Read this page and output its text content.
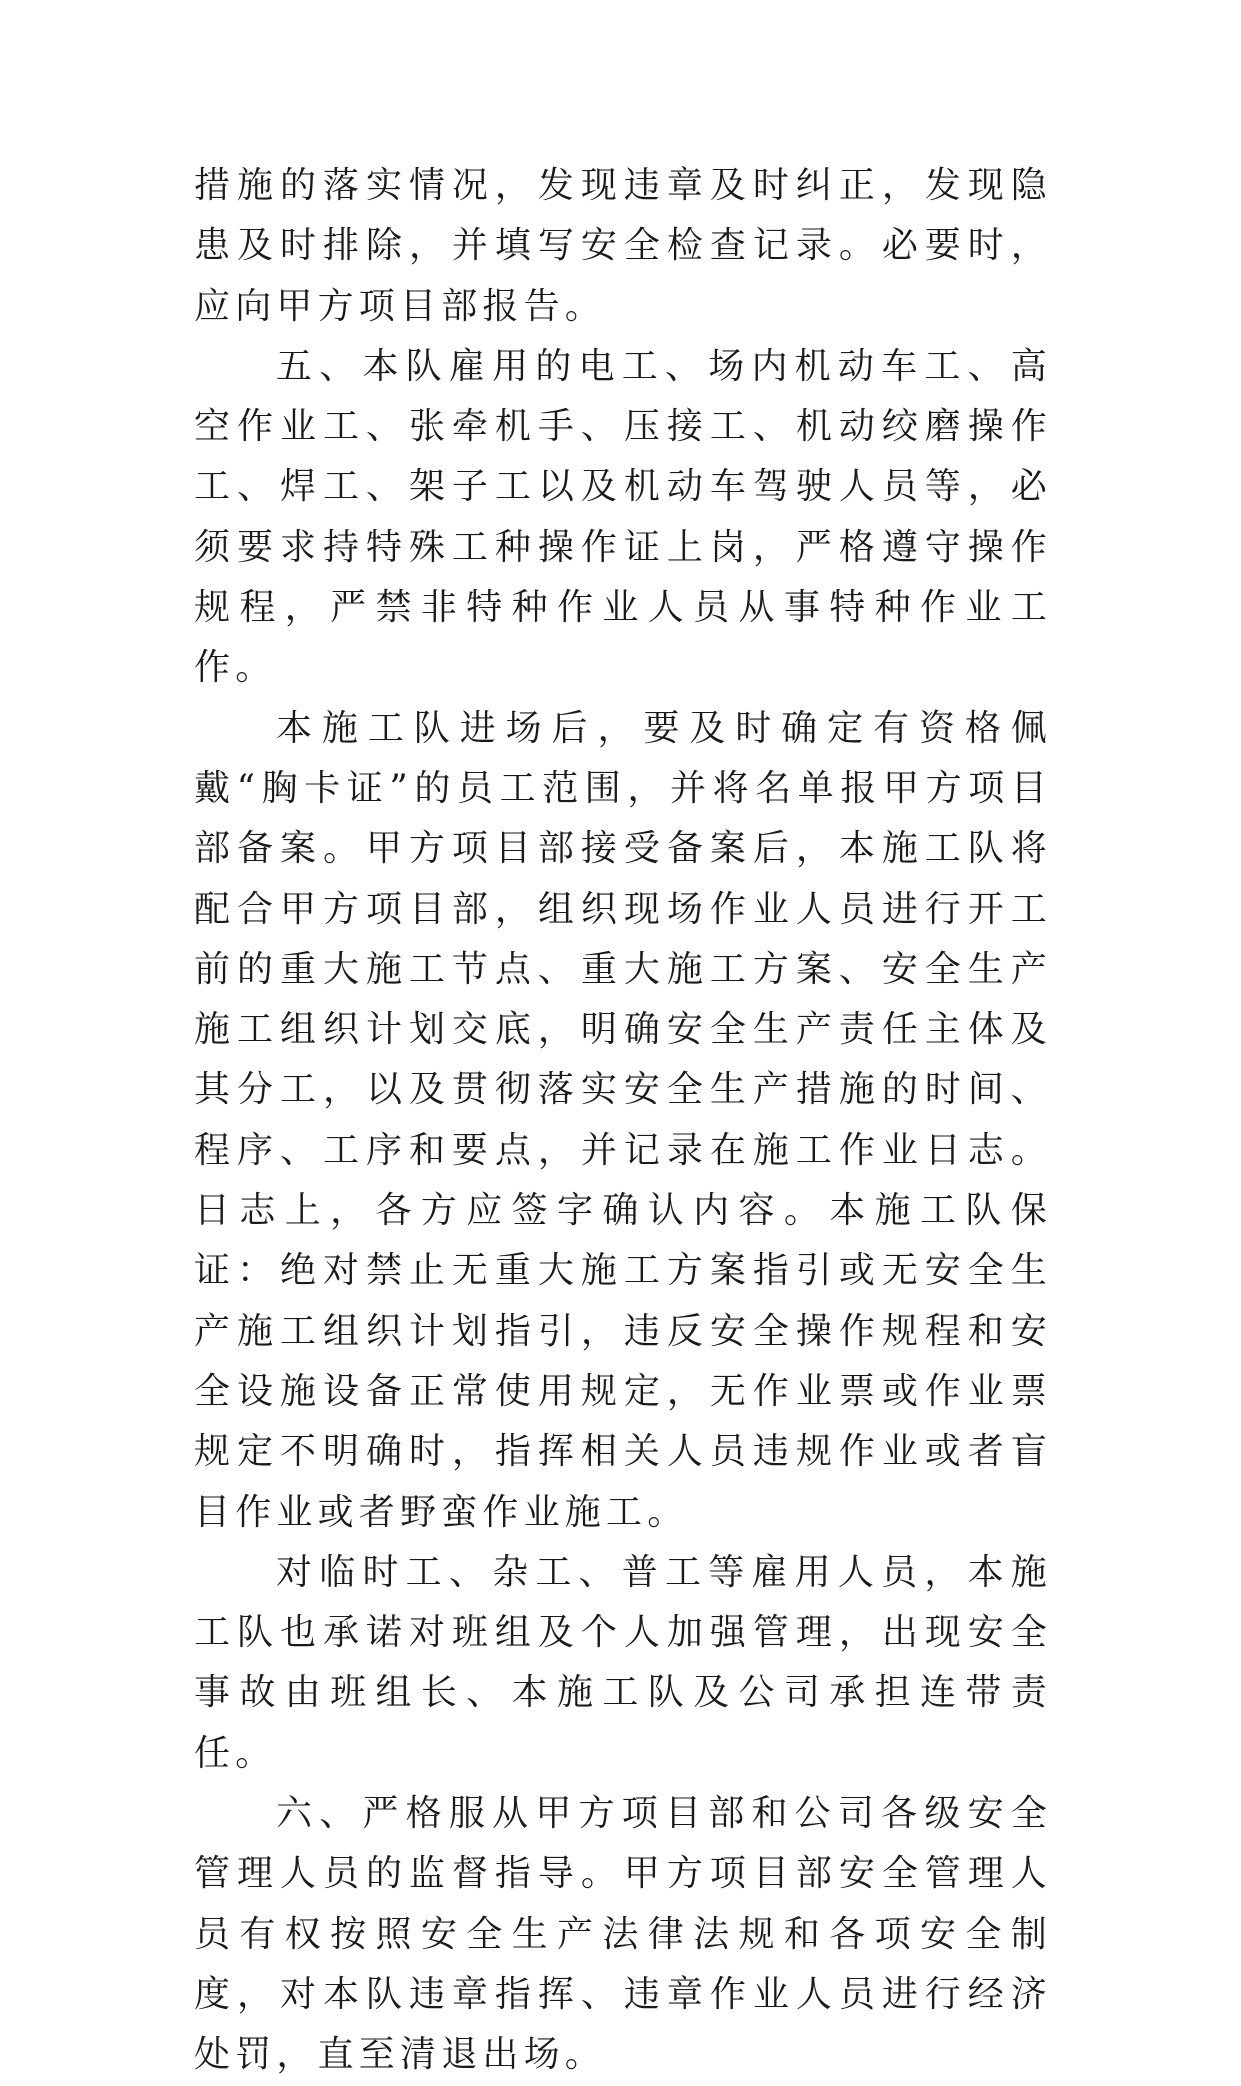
措施的落实情况，发现违章及时纠正，发现隐患及时排除，并填写安全检查记录。必要时，应向甲方项目部报告。

五、本队雇用的电工、场内机动车工、高空作业工、张牵机手、压接工、机动绞磨操作工、焊工、架子工以及机动车驾驶人员等，必须要求持特殊工种操作证上岗，严格遵守操作规程，严禁非特种作业人员从事特种作业工作。

本施工队进场后，要及时确定有资格佩戴“胸卡证”的员工范围，并将名单报甲方项目部备案。甲方项目部接受备案后，本施工队将配合甲方项目部，组织现场作业人员进行开工前的重大施工节点、重大施工方案、安全生产施工组织计划交底，明确安全生产责任主体及其分工，以及贯彻落实安全生产措施的时间、程序、工序和要点，并记录在施工作业日志。日志上，各方应签字确认内容。本施工队保证：绝对禁止无重大施工方案指引或无安全生产施工组织计划指引，违反安全操作规程和安全设施设备正常使用规定，无作业票或作业票规定不明确时，指挥相关人员违规作业或者盲目作业或者野蛮作业施工。

对临时工、杂工、普工等雇用人员，本施工队也承诺对班组及个人加强管理，出现安全事故由班组长、本施工队及公司承担连带责任。

六、严格服从甲方项目部和公司各级安全管理人员的监督指导。甲方项目部安全管理人员有权按照安全生产法律法规和各项安全制度，对本队违章指挥、违章作业人员进行经济处罚，直至清退出场。
